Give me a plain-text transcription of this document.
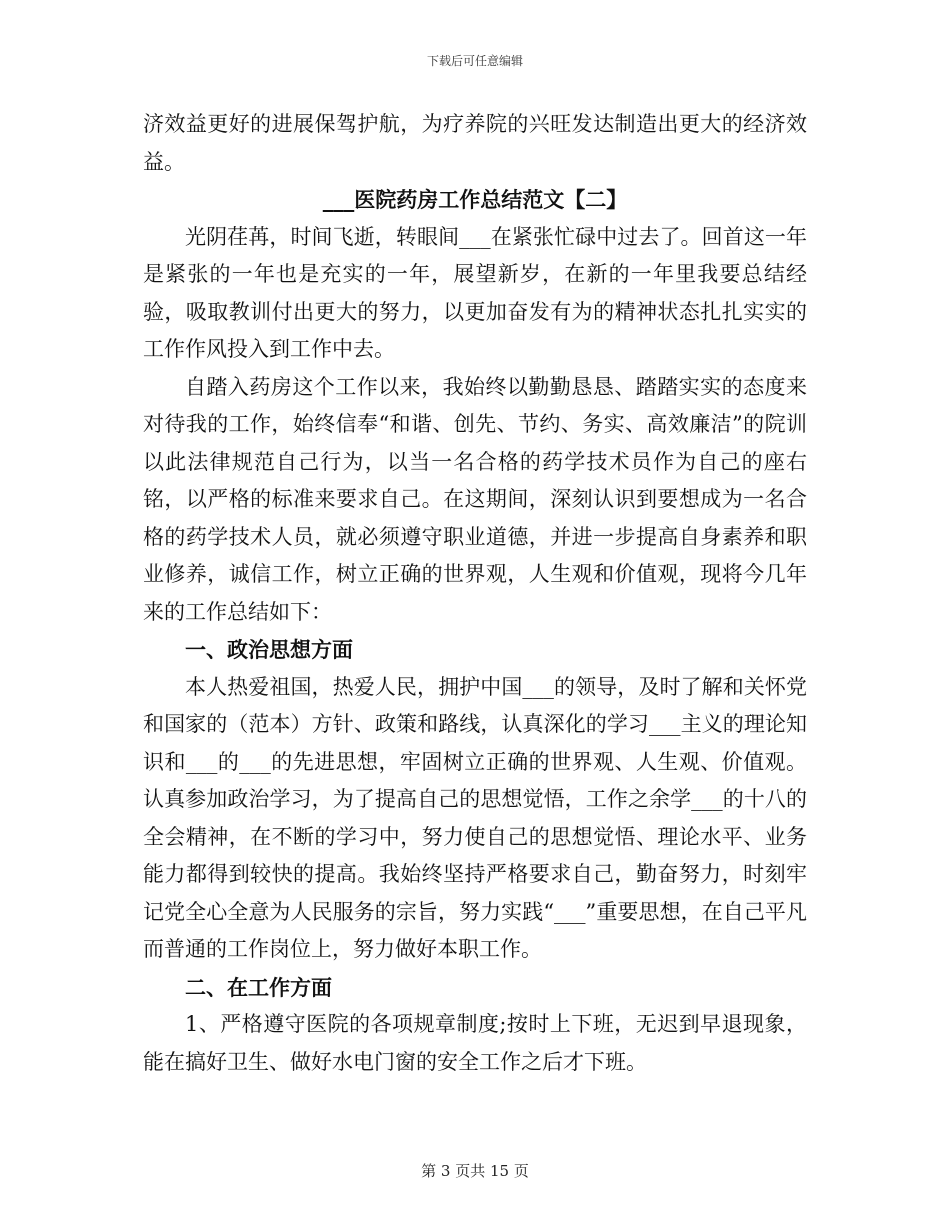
下载后可任意编辑

济效益更好的进展保驾护航，为疗养院的兴旺发达制造出更大的经济效益。

___医院药房工作总结范文【二】

光阴荏苒，时间飞逝，转眼间___在紧张忙碌中过去了。回首这一年是紧张的一年也是充实的一年，展望新岁，在新的一年里我要总结经验，吸取教训付出更大的努力，以更加奋发有为的精神状态扎扎实实的工作作风投入到工作中去。

自踏入药房这个工作以来，我始终以勤勤恳恳、踏踏实实的态度来对待我的工作，始终信奉“和谐、创先、节约、务实、高效廉洁”的院训以此法律规范自己行为，以当一名合格的药学技术员作为自己的座右铭，以严格的标准来要求自己。在这期间，深刻认识到要想成为一名合格的药学技术人员，就必须遵守职业道德，并进一步提高自身素养和职业修养，诚信工作，树立正确的世界观，人生观和价值观，现将今几年来的工作总结如下：

一、政治思想方面

本人热爱祖国，热爱人民，拥护中国___的领导，及时了解和关怀党和国家的（范本）方针、政策和路线，认真深化的学习___主义的理论知识和___的___的先进思想，牢固树立正确的世界观、人生观、价值观。认真参加政治学习，为了提高自己的思想觉悟，工作之余学___的十八的全会精神，在不断的学习中，努力使自己的思想觉悟、理论水平、业务能力都得到较快的提高。我始终坚持严格要求自己，勤奋努力，时刻牢记党全心全意为人民服务的宗旨，努力实践“___”重要思想，在自己平凡而普通的工作岗位上，努力做好本职工作。

二、在工作方面

1、严格遵守医院的各项规章制度;按时上下班，无迟到早退现象，能在搞好卫生、做好水电门窗的安全工作之后才下班。

第 3 页共 15 页
